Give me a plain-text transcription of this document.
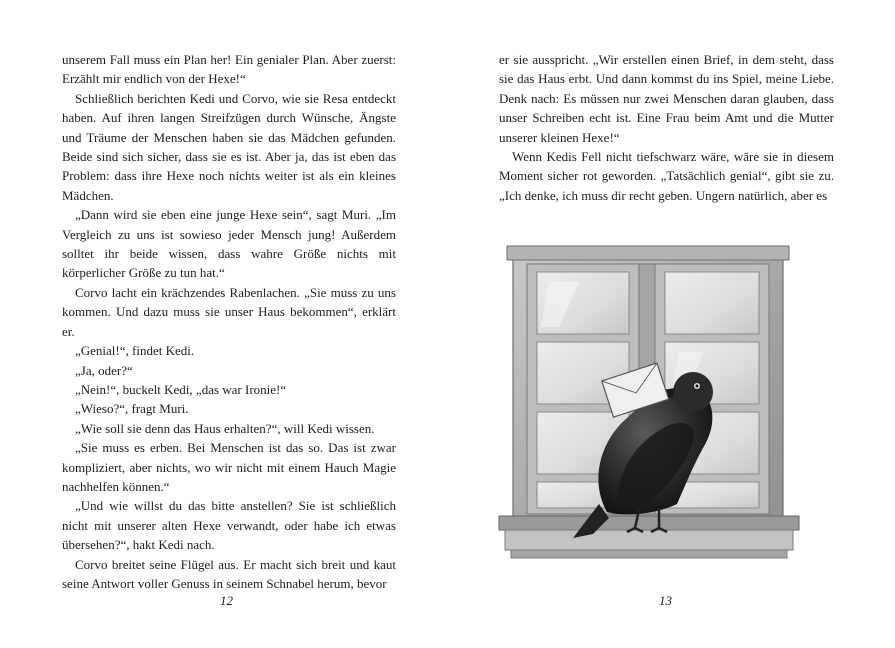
unserem Fall muss ein Plan her! Ein genialer Plan. Aber zuerst: Erzählt mir endlich von der Hexe!“

Schließlich berichten Kedi und Corvo, wie sie Resa entdeckt haben. Auf ihren langen Streifzügen durch Wünsche, Ängste und Träume der Menschen haben sie das Mädchen gefunden. Beide sind sich sicher, dass sie es ist. Aber ja, das ist eben das Problem: dass ihre Hexe noch nichts weiter ist als ein kleines Mädchen.

„Dann wird sie eben eine junge Hexe sein“, sagt Muri. „Im Vergleich zu uns ist sowieso jeder Mensch jung! Außerdem solltet ihr beide wissen, dass wahre Größe nichts mit körperlicher Größe zu tun hat.“

Corvo lacht ein krächzendes Rabenlachen. „Sie muss zu uns kommen. Und dazu muss sie unser Haus bekommen“, erklärt er.

„Genial!“, findet Kedi.

„Ja, oder?“

„Nein!“, buckelt Kedi, „das war Ironie!“

„Wieso?“, fragt Muri.

„Wie soll sie denn das Haus erhalten?“, will Kedi wissen.

„Sie muss es erben. Bei Menschen ist das so. Das ist zwar kompliziert, aber nichts, wo wir nicht mit einem Hauch Magie nachhelfen können.“

„Und wie willst du das bitte anstellen? Sie ist schließlich nicht mit unserer alten Hexe verwandt, oder habe ich etwas übersehen?“, hakt Kedi nach.

Corvo breitet seine Flügel aus. Er macht sich breit und kaut seine Antwort voller Genuss in seinem Schnabel herum, bevor

12

er sie ausspricht. „Wir erstellen einen Brief, in dem steht, dass sie das Haus erbt. Und dann kommst du ins Spiel, meine Liebe. Denk nach: Es müssen nur zwei Menschen daran glauben, dass unser Schreiben echt ist. Eine Frau beim Amt und die Mutter unserer kleinen Hexe!“

Wenn Kedis Fell nicht tiefschwarz wäre, wäre sie in diesem Moment sicher rot geworden. „Tatsächlich genial“, gibt sie zu. „Ich denke, ich muss dir recht geben. Ungern natürlich, aber es

13
